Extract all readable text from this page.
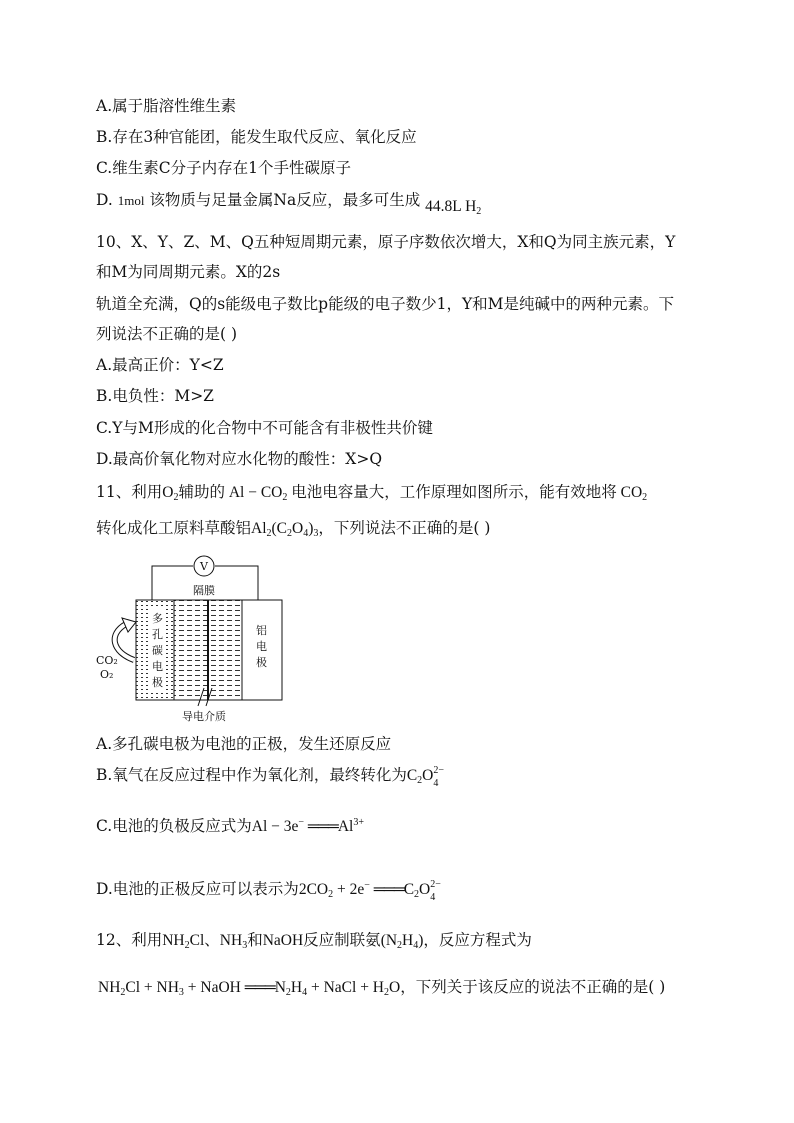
A.属于脂溶性维生素
B.存在3种官能团，能发生取代反应、氧化反应
C.维生素C分子内存在1个手性碳原子
D. 1mol 该物质与足量金属Na反应，最多可生成 44.8L $H_2$
10、X、Y、Z、M、Q五种短周期元素，原子序数依次增大，X和Q为同主族元素，Y
和M为同周期元素。X的2s
轨道全充满，Q的s能级电子数比p能级的电子数少1，Y和M是纯碱中的两种元素。下
列说法不正确的是( )
A.最高正价：Y<Z
B.电负性：M>Z
C.Y与M形成的化合物中不可能含有非极性共价键
D.最高价氧化物对应水化物的酸性：X>Q
11、利用$O_2$辅助的 $Al - CO_2$ 电池电容量大，工作原理如图所示，能有效地将 $CO_2$
转化成化工原料草酸铝$Al_2(C_2O_4)_3$，下列说法不正确的是( )
V
隔膜
多
孔
碳
电
极
铝
电
极
CO₂
O₂
导电介质
A.多孔碳电极为电池的正极，发生还原反应
B.氧气在反应过程中作为氧化剂，最终转化为$C_2O$ 2−
4
C.电池的负极反应式为Al − 3e− $═══Al^{3+}$
D.电池的正极反应可以表示为$2CO_2 + 2e^-$ $═══C_2O$ 2−
4
12、利用$NH_2Cl$、$NH_3$和NaOH反应制联氨$(N_2H_4)$，反应方程式为
$NH_2Cl + NH_3$ + NaOH $═══N_2H_4$ + NaCl + $H_2O$，下列关于该反应的说法不正确的是( )
